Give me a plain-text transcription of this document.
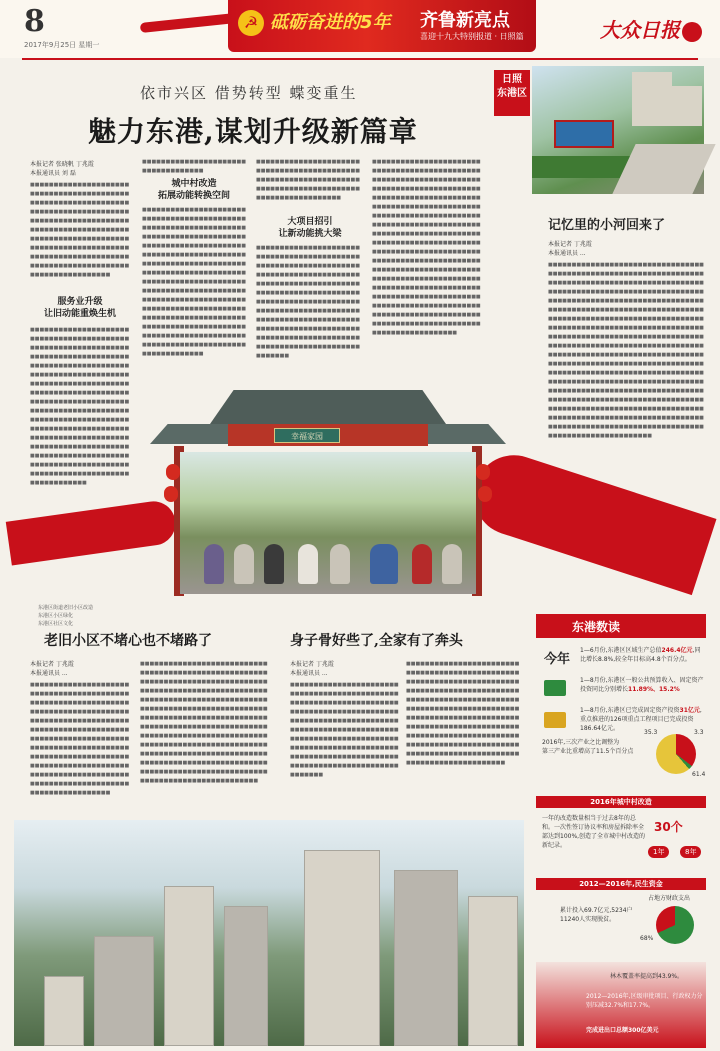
8
2017年9月25日 星期一
☭ 砥砺奋进的5年 齐鲁新亮点
喜迎十九大特别报道 · 日照篇	大众日报
依市兴区 借势转型 蝶变重生
魅力东港,谋划升级新篇章
日照
东港区
本报记者 张晓帆 丁兆霞
本报通讯员 刘 磊
■■■■■■■■■■■■■■■■■■■■■■■■■■■■■■■■■■■■■■■■■■■■■■■■■■■■■■■■■■■■■■■■■■■■■■■■■■■■■■■■■■■■■■■■■■■■■■■■■■■■■■■■■■■■■■■■■■■■■■■■■■■■■■■■■■■■■■■■■■■■■■■■■■■■■■■■■■■■■■■■■■■■■■■■■■■■■■■■■■■■■■■■■■■■■■■■■■■■■■■■■■■■■■■■■■■■■■■■■■■■■■■■■■■
服务业升级
让旧动能重焕生机
■■■■■■■■■■■■■■■■■■■■■■■■■■■■■■■■■■■■■■■■■■■■■■■■■■■■■■■■■■■■■■■■■■■■■■■■■■■■■■■■■■■■■■■■■■■■■■■■■■■■■■■■■■■■■■■■■■■■■■■■■■■■■■■■■■■■■■■■■■■■■■■■■■■■■■■■■■■■■■■■■■■■■■■■■■■■■■■■■■■■■■■■■■■■■■■■■■■■■■■■■■■■■■■■■■■■■■■■■■■■■■■■■■■■■■■■■■■■■■■■■■■■■■■■■■■■■■■■■■■■■■■■■■■■■■■■■■■■■■■■■■■■■■■■■■■■■■■■■■■■■■■■■■■■■■■■■■■■■■■■■■■■■■■■■■■■■■■■■■■■■■■■■■■■■■■■■■■■■■■■■■■■■■■■■
■■■■■■■■■■■■■■■■■■■■■■■■■■■■■■■■■■■
城中村改造
拓展动能转换空间
■■■■■■■■■■■■■■■■■■■■■■■■■■■■■■■■■■■■■■■■■■■■■■■■■■■■■■■■■■■■■■■■■■■■■■■■■■■■■■■■■■■■■■■■■■■■■■■■■■■■■■■■■■■■■■■■■■■■■■■■■■■■■■■■■■■■■■■■■■■■■■■■■■■■■■■■■■■■■■■■■■■■■■■■■■■■■■■■■■■■■■■■■■■■■■■■■■■■■■■■■■■■■■■■■■■■■■■■■■■■■■■■■■■■■■■■■■■■■■■■■■■■■■■■■■■■■■■■■■■■■■■■■■■■■■■■■■■■■■■■■■■■■■■■■■■■■■■■■■■■■■■■■■■■■■■■■■■■■■■■■■■■■■■■■■■■■■■■■■■■■■■■■■■■■■■■■■■■■■■■■■■■■
■■■■■■■■■■■■■■■■■■■■■■■■■■■■■■■■■■■■■■■■■■■■■■■■■■■■■■■■■■■■■■■■■■■■■■■■■■■■■■■■■■■■■■■■■■■■■■■■■■■■■■■■■■
大项目招引
让新动能挑大梁
■■■■■■■■■■■■■■■■■■■■■■■■■■■■■■■■■■■■■■■■■■■■■■■■■■■■■■■■■■■■■■■■■■■■■■■■■■■■■■■■■■■■■■■■■■■■■■■■■■■■■■■■■■■■■■■■■■■■■■■■■■■■■■■■■■■■■■■■■■■■■■■■■■■■■■■■■■■■■■■■■■■■■■■■■■■■■■■■■■■■■■■■■■■■■■■■■■■■■■■■■■■■■■■■■■■■■■■■■■■■■■■■■■■■■■■■■■■■■■■■■■■■■■■■■■■■■■■■■■■■■■■■■■■■■■■
■■■■■■■■■■■■■■■■■■■■■■■■■■■■■■■■■■■■■■■■■■■■■■■■■■■■■■■■■■■■■■■■■■■■■■■■■■■■■■■■■■■■■■■■■■■■■■■■■■■■■■■■■■■■■■■■■■■■■■■■■■■■■■■■■■■■■■■■■■■■■■■■■■■■■■■■■■■■■■■■■■■■■■■■■■■■■■■■■■■■■■■■■■■■■■■■■■■■■■■■■■■■■■■■■■■■■■■■■■■■■■■■■■■■■■■■■■■■■■■■■■■■■■■■■■■■■■■■■■■■■■■■■■■■■■■■■■■■■■■■■■■■■■■■■■■■■■■■■■■■■■■■■■■■■■■■■■■■■■■■■■■■■■■■■■■■■■■■■■■■■■■■■■■■■■■■■■■■■■■■■■■■■■■■■■■■■■■■■■■■■■■■■■■■■■■■■■■■■■■■■■■■■■■■■■■■■■■■■■■■■■■■■■■■■■■■■■■■■■■■■■■■■■■■■■■■■■■
记忆里的小河回来了
本报记者 丁兆霞
本报通讯员 ...
■■■■■■■■■■■■■■■■■■■■■■■■■■■■■■■■■■■■■■■■■■■■■■■■■■■■■■■■■■■■■■■■■■■■■■■■■■■■■■■■■■■■■■■■■■■■■■■■■■■■■■■■■■■■■■■■■■■■■■■■■■■■■■■■■■■■■■■■■■■■■■■■■■■■■■■■■■■■■■■■■■■■■■■■■■■■■■■■■■■■■■■■■■■■■■■■■■■■■■■■■■■■■■■■■■■■■■■■■■■■■■■■■■■■■■■■■■■■■■■■■■■■■■■■■■■■■■■■■■■■■■■■■■■■■■■■■■■■■■■■■■■■■■■■■■■■■■■■■■■■■■■■■■■■■■■■■■■■■■■■■■■■■■■■■■■■■■■■■■■■■■■■■■■■■■■■■■■■■■■■■■■■■■■■■■■■■■■■■■■■■■■■■■■■■■■■■■■■■■■■■■■■■■■■■■■■■■■■■■■■■■■■■■■■■■■■■■■■■■■■■■■■■■■■■■■■■■■■■■■■■■■■■■■■■■■■■■■■■■■■■■■■■■■■■■■■■■■■■■■■■■■■■■■■■■■■■■■■■■■■■■■■■■■■■■■■■■■■■■■■■■■■■■■■■■■■■■■■■■■■■■■■■■■■■■■■■■■■■■■■■■■■■■■■■■■■■■■■■■■■■■■■■■■■■■■■■■■■■■■■■■■■■■■■■■■■■■■■■■■■■■■■■■■■■
幸福家园
东港区街道老旧小区改造
东港区小区绿化
东港区社区文化
老旧小区不堵心也不堵路了	身子骨好些了,全家有了奔头
本报记者 丁兆霞
本报通讯员 ...
■■■■■■■■■■■■■■■■■■■■■■■■■■■■■■■■■■■■■■■■■■■■■■■■■■■■■■■■■■■■■■■■■■■■■■■■■■■■■■■■■■■■■■■■■■■■■■■■■■■■■■■■■■■■■■■■■■■■■■■■■■■■■■■■■■■■■■■■■■■■■■■■■■■■■■■■■■■■■■■■■■■■■■■■■■■■■■■■■■■■■■■■■■■■■■■■■■■■■■■■■■■■■■■■■■■■■■■■■■■■■■■■■■■■■■■■■■■■■■■■■■■■■■■■■■■■■■■■■■■■■■■■■■■■■
■■■■■■■■■■■■■■■■■■■■■■■■■■■■■■■■■■■■■■■■■■■■■■■■■■■■■■■■■■■■■■■■■■■■■■■■■■■■■■■■■■■■■■■■■■■■■■■■■■■■■■■■■■■■■■■■■■■■■■■■■■■■■■■■■■■■■■■■■■■■■■■■■■■■■■■■■■■■■■■■■■■■■■■■■■■■■■■■■■■■■■■■■■■■■■■■■■■■■■■■■■■■■■■■■■■■■■■■■■■■■■■■■■■■■■■■■■■■■■■■■■■■■■■■■■■■■■■■■■■■■■■■■■■■■■■■■■■■■■■■■■■■■■■■■■■■■■■■■■■■■■■■■■■■■■■■■■■■■■■■■■■■■■■■■■■■■■■■■■■■■■■■■■■■■■■■■■■■■■■■■■■■■■■■■■■■■■■■
本报记者 丁兆霞
本报通讯员 ...
■■■■■■■■■■■■■■■■■■■■■■■■■■■■■■■■■■■■■■■■■■■■■■■■■■■■■■■■■■■■■■■■■■■■■■■■■■■■■■■■■■■■■■■■■■■■■■■■■■■■■■■■■■■■■■■■■■■■■■■■■■■■■■■■■■■■■■■■■■■■■■■■■■■■■■■■■■■■■■■■■■■■■■■■■■■■■■■■■■■■■■■■■■■■■■■■■■■■■■■■■■■■■■■■■■■■■■■■■■■■■■■■■■■■■■■■■■■■■
■■■■■■■■■■■■■■■■■■■■■■■■■■■■■■■■■■■■■■■■■■■■■■■■■■■■■■■■■■■■■■■■■■■■■■■■■■■■■■■■■■■■■■■■■■■■■■■■■■■■■■■■■■■■■■■■■■■■■■■■■■■■■■■■■■■■■■■■■■■■■■■■■■■■■■■■■■■■■■■■■■■■■■■■■■■■■■■■■■■■■■■■■■■■■■■■■■■■■■■■■■■■■■■■■■■■■■■■■■■■■■■■■■■■■■■■■■■■■■■■■■■■■■■■■■■■■■■■■■■■■■■■■■■■■■■■■■■■■■■■■■■■■
东港数读
今年
1—6月份,东港区区域生产总值246.4亿元,同比增长8.8%,较全年目标高4.8个百分点。
1—8月份,东港区一般公共预算收入、固定资产投资同比分别增长11.89%、15.2%
1—8月份,东港区已完成固定资产投资31亿元,重点推进的126项重点工程项目已完成投资186.64亿元。
2016年,三次产业之比调整为
第三产业比重增高了11.5个百分点
35.3	3.3
61.4
2016年城中村改造
一年的改造数量相当于过去8年的总和。一次性签订协议率和房屋拆除率全部达到100%,创造了全市城中村改造的新纪录。
30个
1年	8年
2012—2016年,民生资金
累计投入69.7亿元,5234户11240人实现脱贫。
占地方财政支出
68%
林木覆盖率提高到43.9%。
2012—2016年,区级审批项目、行政权力分别压减32.7%和17.7%。
完成进出口总额300亿美元
